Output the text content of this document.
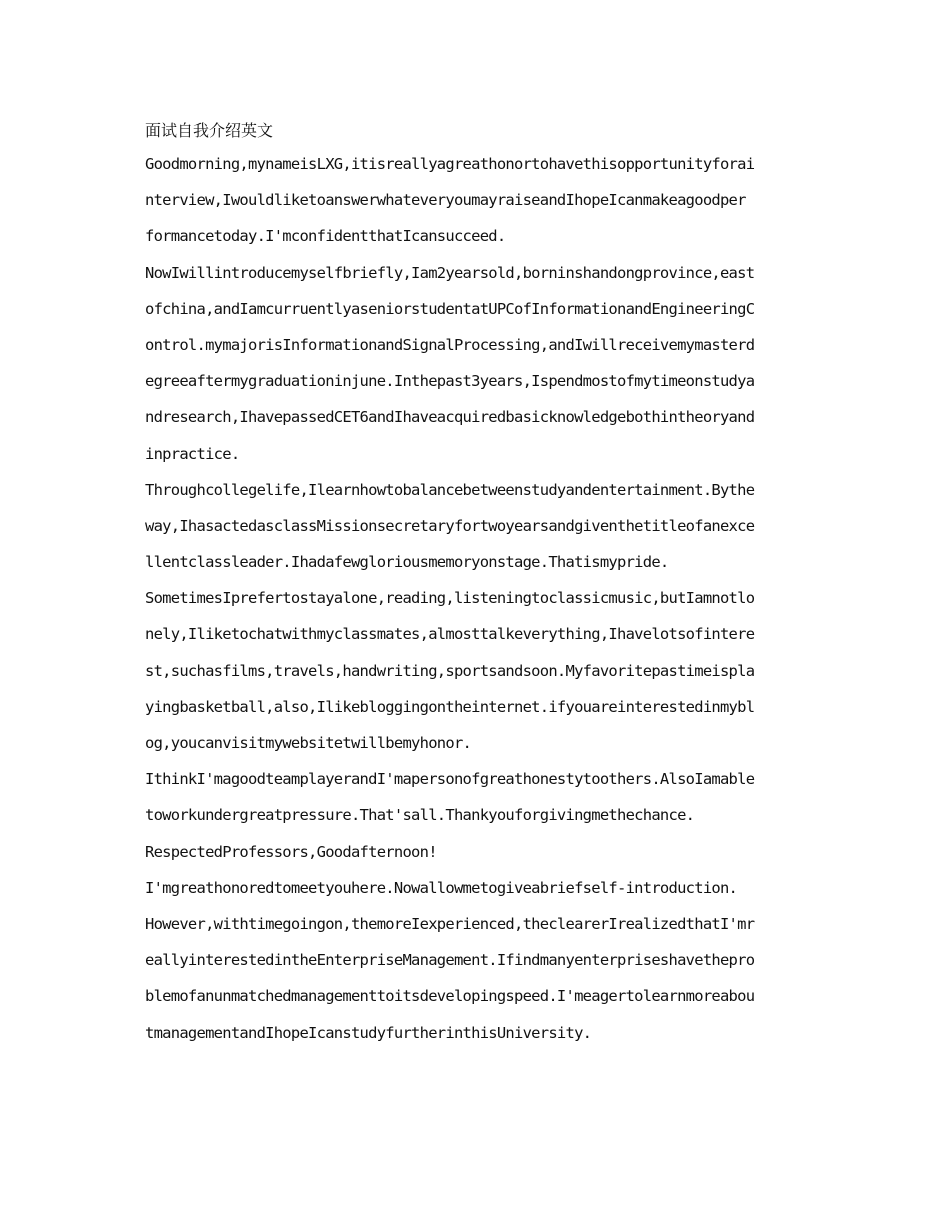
面试自我介绍英文

Goodmorning,mynameisLXG,itisreallyagreathonortohavethisopportunityforai
nterview,IwouldliketoanswerwhateveryoumayraiseandIhopeIcanmakeagoodper
formancetoday.I'mconfidentthatIcansucceed.

NowIwillintroducemyselfbriefly,Iam2yearsold,borninshandongprovince,east
ofchina,andIamcurruentlyaseniorstudentatUPCofInformationandEngineeringC
ontrol.mymajorisInformationandSignalProcessing,andIwillreceivemymasterd
egreeaftermygraduationinjune.Inthepast3years,Ispendmostofmytimeonstudya
ndresearch,IhavepassedCET6andIhaveacquiredbasicknowledgebothintheoryand
inpractice.

Throughcollegelife,Ilearnhowtobalancebetweenstudyandentertainment.Bythe
way,IhasactedasclassMissionsecretaryfortwoyearsandgiventhetitleofanexce
llentclassleader.Ihadafewgloriousmemoryonstage.Thatismypride.

SometimesIprefertostayalone,reading,listeningtoclassicmusic,butIamnotlo
nely,Iliketochatwithmyclassmates,almosttalkeverything,Ihavelotsofintere
st,suchasfilms,travels,handwriting,sportsandsoon.Myfavoritepastimeispla
yingbasketball,also,Ilikebloggingontheinternet.ifyouareinterestedinmybl
og,youcanvisitmywebsitetwillbemyhonor.

IthinkI'magoodteamplayerandI'mapersonofgreathonestytoothers.AlsoIamable
toworkundergreatpressure.That'sall.Thankyouforgivingmethechance.

RespectedProfessors,Goodafternoon!

I'mgreathonoredtomeetyouhere.Nowallowmetogiveabriefself-introduction.

However,withtimegoingon,themoreIexperienced,theclearerIrealizedthatI'mr
eallyinterestedintheEnterpriseManagement.Ifindmanyenterpriseshavethepro
blemofanunmatchedmanagementtoitsdevelopingspeed.I'meagertolearnmoreabou
tmanagementandIhopeIcanstudyfurtherinthisUniversity.
